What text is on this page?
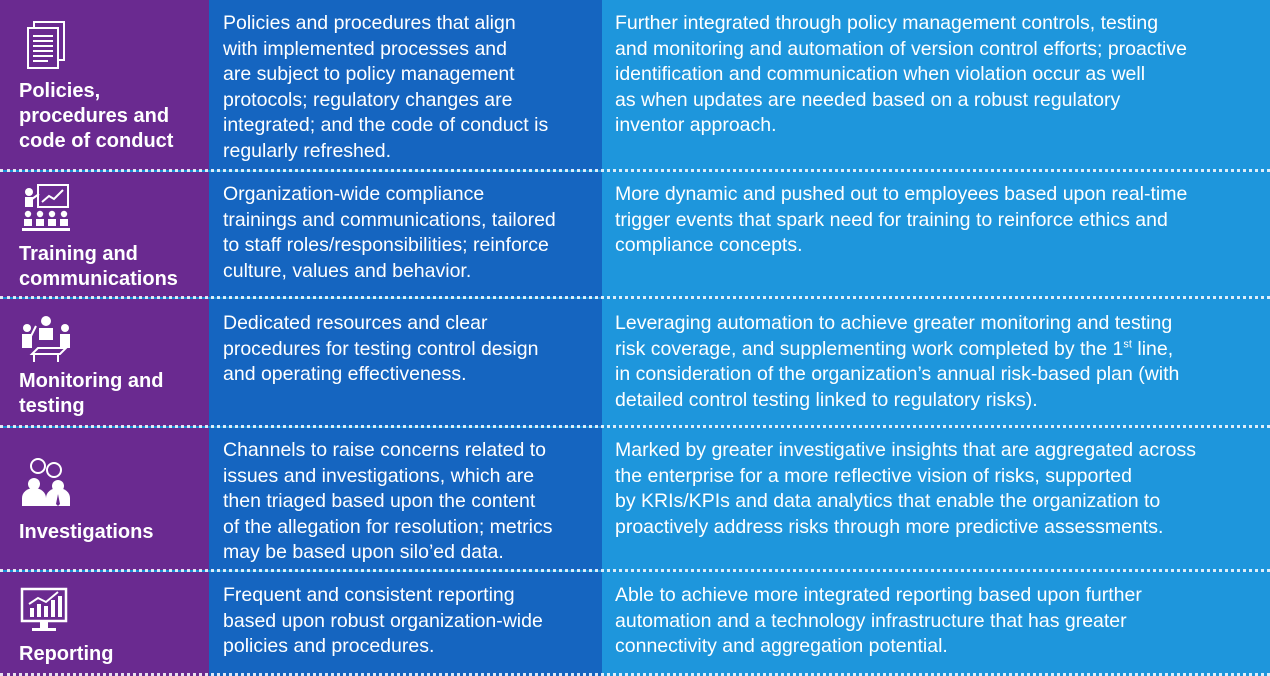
Policies,
procedures and
code of conduct
Policies and procedures that align
with implemented processes and
are subject to policy management
protocols; regulatory changes are
integrated; and the code of conduct is
regularly refreshed.
Further integrated through policy management controls, testing
and monitoring and automation of version control efforts; proactive
identification and communication when violation occur as well
as when updates are needed based on a robust regulatory
inventor approach.
Training and
communications
Organization-wide compliance
trainings and communications, tailored
to staff roles/responsibilities; reinforce
culture, values and behavior.
More dynamic and pushed out to employees based upon real-time
trigger events that spark need for training to reinforce ethics and
compliance concepts.
Monitoring and
testing
Dedicated resources and clear
procedures for testing control design
and operating effectiveness.
Leveraging automation to achieve greater monitoring and testing
risk coverage, and supplementing work completed by the 1st line,
in consideration of the organization’s annual risk-based plan (with
detailed control testing linked to regulatory risks).
Investigations
Channels to raise concerns related to
issues and investigations, which are
then triaged based upon the content
of the allegation for resolution; metrics
may be based upon silo’ed data.
Marked by greater investigative insights that are aggregated across
the enterprise for a more reflective vision of risks, supported
by KRIs/KPIs and data analytics that enable the organization to
proactively address risks through more predictive assessments.
Reporting
Frequent and consistent reporting
based upon robust organization-wide
policies and procedures.
Able to achieve more integrated reporting based upon further
automation and a technology infrastructure that has greater
connectivity and aggregation potential.
